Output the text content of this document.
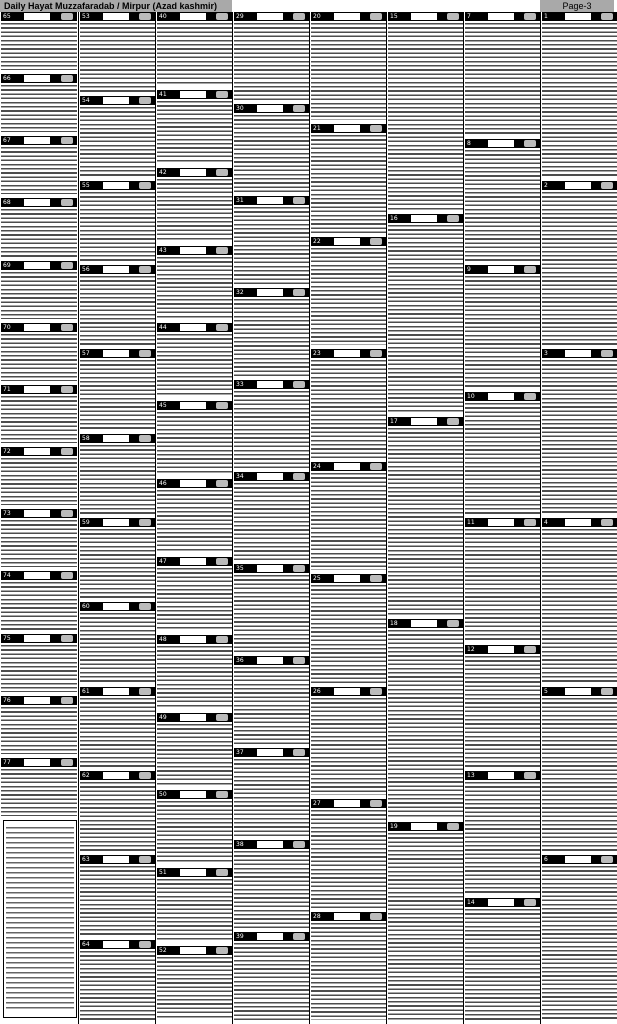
Daily Hayat Muzzafaradab / Mirpur (Azad kashmir)	Page-3
65
66
67
68
69
70
71
72
73
74
75
76
77
53
54
55
56
57
58
59
60
61
62
63
64
40
41
42
43
44
45
46
47
48
49
50
51
52
29
30
31
32
33
34
35
36
37
38
39
20
21
22
23
24
25
26
27
28
15
16
17
18
19
7
8
9
10
11
12
13
14
1
2
3
4
5
6
